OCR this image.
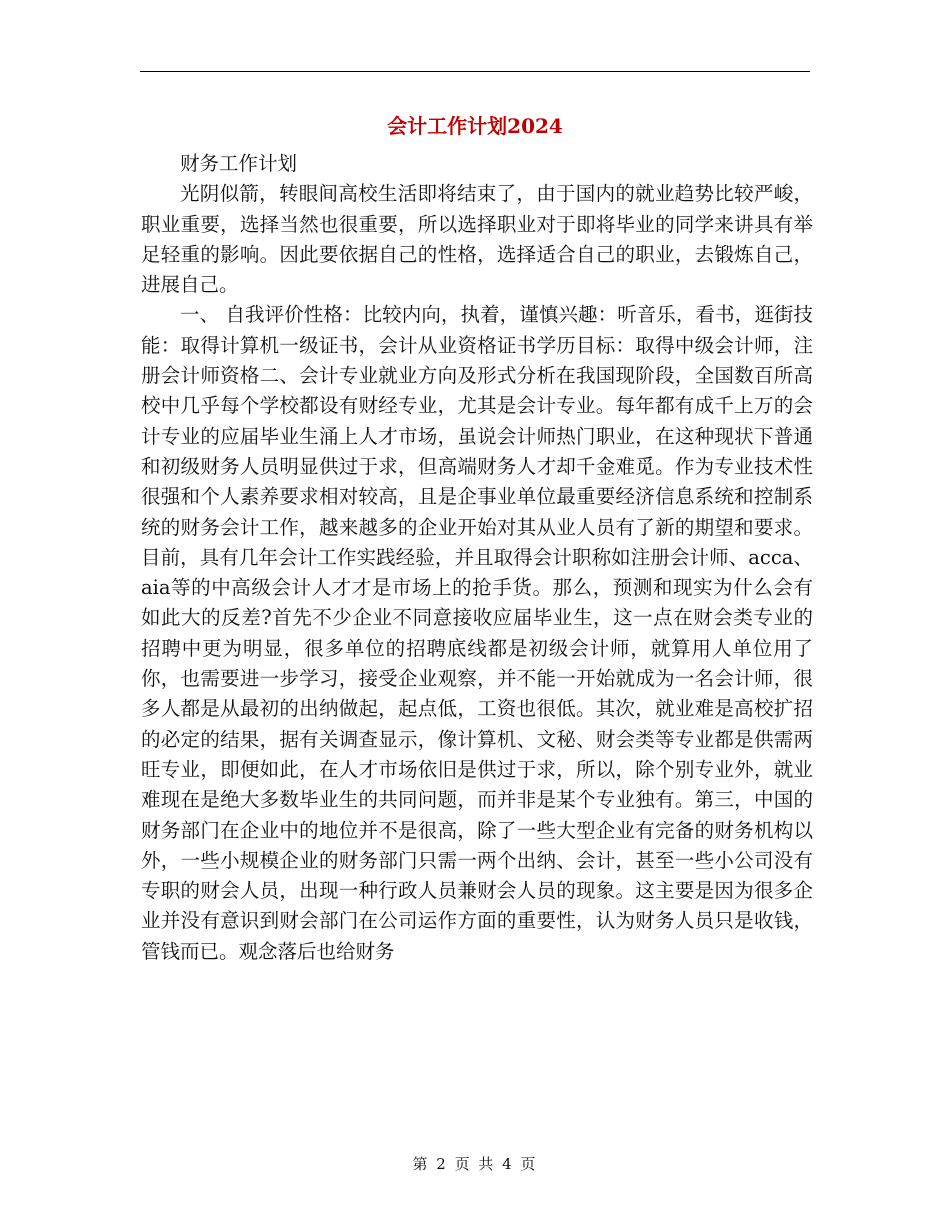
会计工作计划2024

财务工作计划

光阴似箭，转眼间高校生活即将结束了，由于国内的就业趋势比较严峻，职业重要，选择当然也很重要，所以选择职业对于即将毕业的同学来讲具有举足轻重的影响。因此要依据自己的性格，选择适合自己的职业，去锻炼自己，进展自己。

一、 自我评价性格：比较内向，执着，谨慎兴趣：听音乐，看书，逛街技能：取得计算机一级证书，会计从业资格证书学历目标：取得中级会计师，注册会计师资格二、会计专业就业方向及形式分析在我国现阶段，全国数百所高校中几乎每个学校都设有财经专业，尤其是会计专业。每年都有成千上万的会计专业的应届毕业生涌上人才市场，虽说会计师热门职业，在这种现状下普通和初级财务人员明显供过于求，但高端财务人才却千金难觅。作为专业技术性很强和个人素养要求相对较高，且是企事业单位最重要经济信息系统和控制系统的财务会计工作，越来越多的企业开始对其从业人员有了新的期望和要求。目前，具有几年会计工作实践经验，并且取得会计职称如注册会计师、acca、aia等的中高级会计人才才是市场上的抢手货。那么，预测和现实为什么会有如此大的反差?首先不少企业不同意接收应届毕业生，这一点在财会类专业的招聘中更为明显，很多单位的招聘底线都是初级会计师，就算用人单位用了你，也需要进一步学习，接受企业观察，并不能一开始就成为一名会计师，很多人都是从最初的出纳做起，起点低，工资也很低。其次，就业难是高校扩招的必定的结果，据有关调查显示，像计算机、文秘、财会类等专业都是供需两旺专业，即便如此，在人才市场依旧是供过于求，所以，除个别专业外，就业难现在是绝大多数毕业生的共同问题，而并非是某个专业独有。第三，中国的财务部门在企业中的地位并不是很高，除了一些大型企业有完备的财务机构以外，一些小规模企业的财务部门只需一两个出纳、会计，甚至一些小公司没有专职的财会人员，出现一种行政人员兼财会人员的现象。这主要是因为很多企业并没有意识到财会部门在公司运作方面的重要性，认为财务人员只是收钱，管钱而已。观念落后也给财务

第 2 页 共 4 页
